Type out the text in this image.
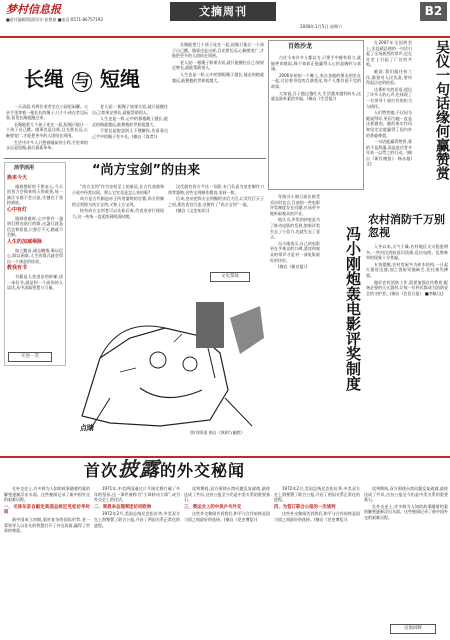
梦村信息报
■责任编辑/版面设计:张艳斌 ■电话:0571-86757193
文摘周刊
2008年1月5日 星期六
B2
长绳 与 短绳

一天清晨,有两位老者坐在公园里闲聊。父亲手里拿着一根长长的绳子,几个小孩在旁边玩耍,看见长绳就跑过来。

长绳能把几个孩子连在一起,短绳只能让一个孩子自己跳。做事也是这样,目光要长远,心胸要宽广,才能把更多的人团结在周围。

生活中许多人只想着眼前的小利,手里拿的永远是短绳,最后孤孤单单。

老人说:一根绳子如果太短,就只能捆住自己;如果足够长,就能帮助别人。

人生也是一样,心中的那根绳子越长,能走的路就越远,能拥抱的世界就越大。

不要总是抱怨别人不理解你,先看看自己手中的绳子有多长。(摘自《读者》)

长绳能把几个孩子连在一起,短绳只能让一个孩子自己跳。做事也是这样,目光要长远,心胸要宽广,才能把更多的人团结在周围。

老人说:一根绳子如果太短,就只能捆住自己;如果足够长,就能帮助别人。

人生也是一样,心中的那根绳子越长,能走的路就越远,能拥抱的世界就越大。

百姓沙龙

古往今来许多人都以为,只要手中握有权力,就能呼风唤雨,殊不知真正能赢得人心的是胸怀与真诚。

2006年初的一个晚上,来自各地的朋友围坐在一起,讨论着身边的点滴变化,每个人都有说不完的故事。

大家说,日子越过越红火,生活越来越有盼头,这就是最朴素的幸福。(摘自《生活报》)

在2007年全国两会上,吴仪副总理的一句话引起了全场热烈的掌声,也在社会上引起了广泛的共鸣。

她说:我们做任何工作,都要对人民负责,要经得起历史的检验。

这番朴实的话语,道出了许多人的心声,也体现了一名领导干部应有的担当与情怀。

人们赞赏她,不仅因为她说得好,更因为她一直是这样做的。她的务实作风和坚定态度赢得了国内外的普遍尊重。

一句话能赢得赞赏,靠的不是辞藻,而是说话者多年来一以贯之的行动。(摘自《新民晚报》 杨永超/文)	吴仪一句话缘何赢赞赏
活学活用
换来今天

遇到挫折时不要灰心,今天的努力会换来明天的收获,每一滴汗水都不会白流,关键在于坚持到底。

心中有灯

遇到困难时,心中要有一盏明灯照亮前行的路,这盏灯就是信念和希望,只要灯不灭,路就不会断。

人生的加减乘除

加上勤奋,减去懒惰,乘以信心,除以困难,人生的算式就会得出一个满意的结果。

教我有书

书籍是人类进步的阶梯,读一本好书,就是和一个高尚的人谈话,从中汲取智慧与力量。

开卷一笑
“尚方宝剑”的由来

“尚方宝剑”作为皇权至上的象征,在古代戏曲和小说中经常出现。那么它究竟是怎么来的呢?

尚方是古代制造帝王所用器物的官署,尚方所制的宝剑即为尚方宝剑,又称上方宝剑。

持有尚方宝剑者可以先斩后奏,代表皇帝行使权力,这一传统一直延续到明清时期。

汉代就有尚方令这一官职,专门负责为皇室制作刀剑等器物,这些宝剑制作精良,非同一般。

后来,皇帝把尚方宝剑赐给亲信大臣,让其代行天子之权,惩治贪官污吏,这便有了“尚方宝剑”一说。

(摘自《文史知识》)

文史掌故
点睛
图/刘师道 摘自《讽刺与幽默》

导演冯小刚日前在接受采访时直言,目前的一些电影评奖制度存在问题,应该更多地听取观众的声音。

他认为,评奖的初衷是为了推动电影的发展,如果评奖失去了公信力,也就失去了意义。

冯小刚表示,自己的电影更在乎观众的口碑,票房和观众的掌声才是对一部电影最好的评价。

(摘自《新京报》)	冯小刚炮轰电影评奖制度
农村消防千万别忽视

入冬以来,天气干燥,农村地区火灾隐患增多,一些村民消防意识淡薄,乱拉电线、乱堆柴草的现象十分普遍。

专家提醒,农村房屋多为砖木结构,一旦起火蔓延迅速,加之消防设施缺乏,往往损失惨重。

做好农村消防工作,需要加强宣传教育,配备必要的灭火器材,让每一位村民都成为消防安全的守护者。(摘自《农民日报》 ■李帆/文)

首次披露的外交秘闻

在外交史上,许多鲜为人知的故事随着档案的解密逐渐浮出水面。这些秘闻记录了新中国外交的艰难历程。

一、毛泽东亲自敲定美国总统尼克松访华时间

新中国成立初期,面对复杂的国际形势,老一辈领导人以非凡的智慧打开了外交局面,赢得了世界的尊重。

1971年,中美两国通过乒乓球比赛打破了多年的坚冰,这一事件被称为“小球转动大球”,成为外交史上的佳话。

二、周恩来总理率团访问欧洲

1972年2月,美国总统尼克松访华,中美双方在上海签署了联合公报,开启了两国关系正常化的进程。

谈判期间,双方围绕台湾问题反复磋商,最终达成了共识,这份公报至今仍是中美关系的重要基石。

三、奥运会上的中美乒乓外交

这些外交秘闻告诉我们,和平与合作始终是国与国之间最好的选择。(摘自《党史博览》)

1972年2月,美国总统尼克松访华,中美双方在上海签署了联合公报,开启了两国关系正常化的进程。

四、为签订联合公报的一次谈判

这些外交秘闻告诉我们,和平与合作始终是国与国之间最好的选择。(摘自《党史博览》)

谈判期间,双方围绕台湾问题反复磋商,最终达成了共识,这份公报至今仍是中美关系的重要基石。

在外交史上,许多鲜为人知的故事随着档案的解密逐渐浮出水面。这些秘闻记录了新中国外交的艰难历程。

史海回眸
